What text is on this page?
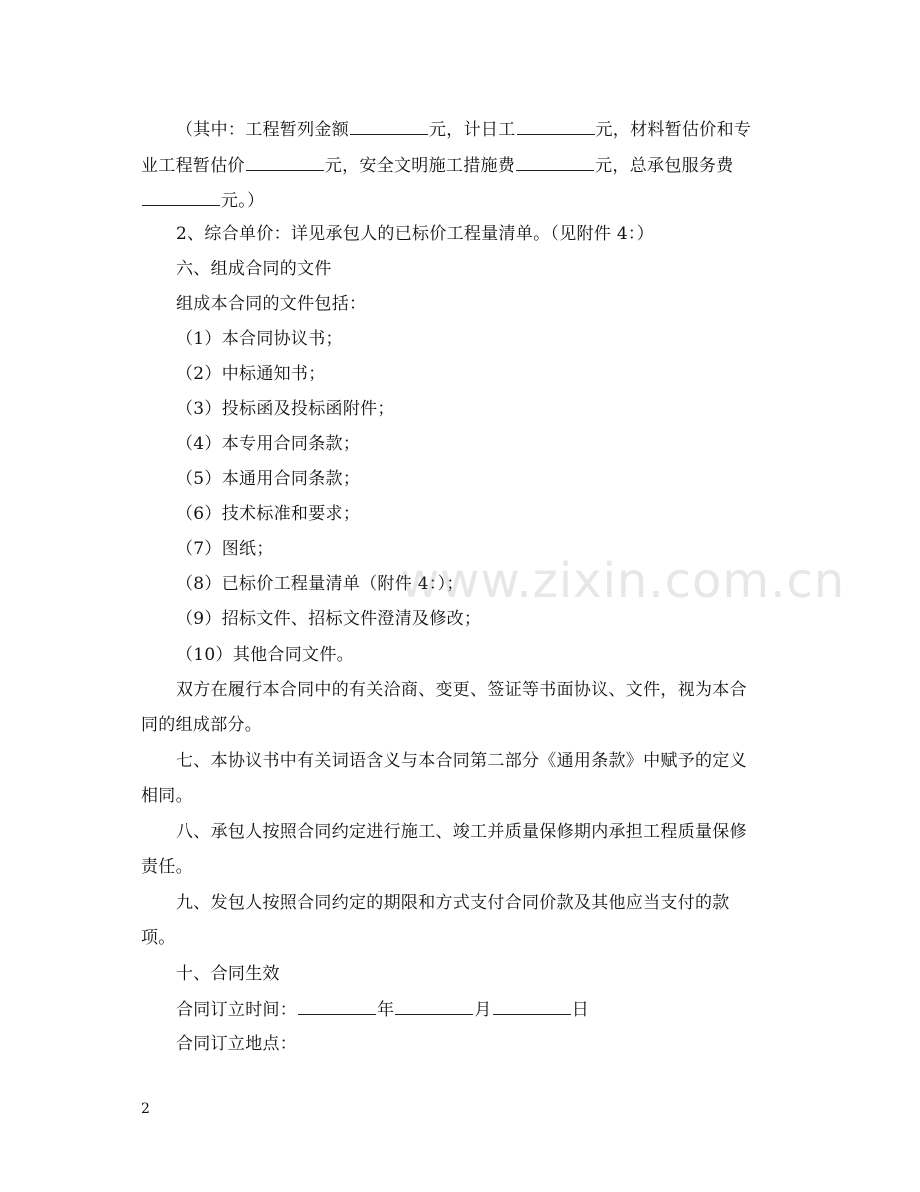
（其中：工程暂列金额	元，计日工	元，材料暂估价和专
业工程暂估价	元，安全文明施工措施费	元，总承包服务费
元。）
2、综合单价：详见承包人的已标价工程量清单。（见附件 4：）
六、组成合同的文件
组成本合同的文件包括：
（1）本合同协议书；
（2）中标通知书；
（3）投标函及投标函附件；
（4）本专用合同条款；
（5）本通用合同条款；
（6）技术标准和要求；
（7）图纸；
（8）已标价工程量清单（附件 4：）；
（9）招标文件、招标文件澄清及修改；
（10）其他合同文件。
双方在履行本合同中的有关洽商、变更、签证等书面协议、文件，视为本合
同的组成部分。
七、本协议书中有关词语含义与本合同第二部分《通用条款》中赋予的定义
相同。
八、承包人按照合同约定进行施工、竣工并质量保修期内承担工程质量保修
责任。
九、发包人按照合同约定的期限和方式支付合同价款及其他应当支付的款
项。
十、合同生效
合同订立时间：	年	月	日
合同订立地点：
www.zixin.com.cn
2
